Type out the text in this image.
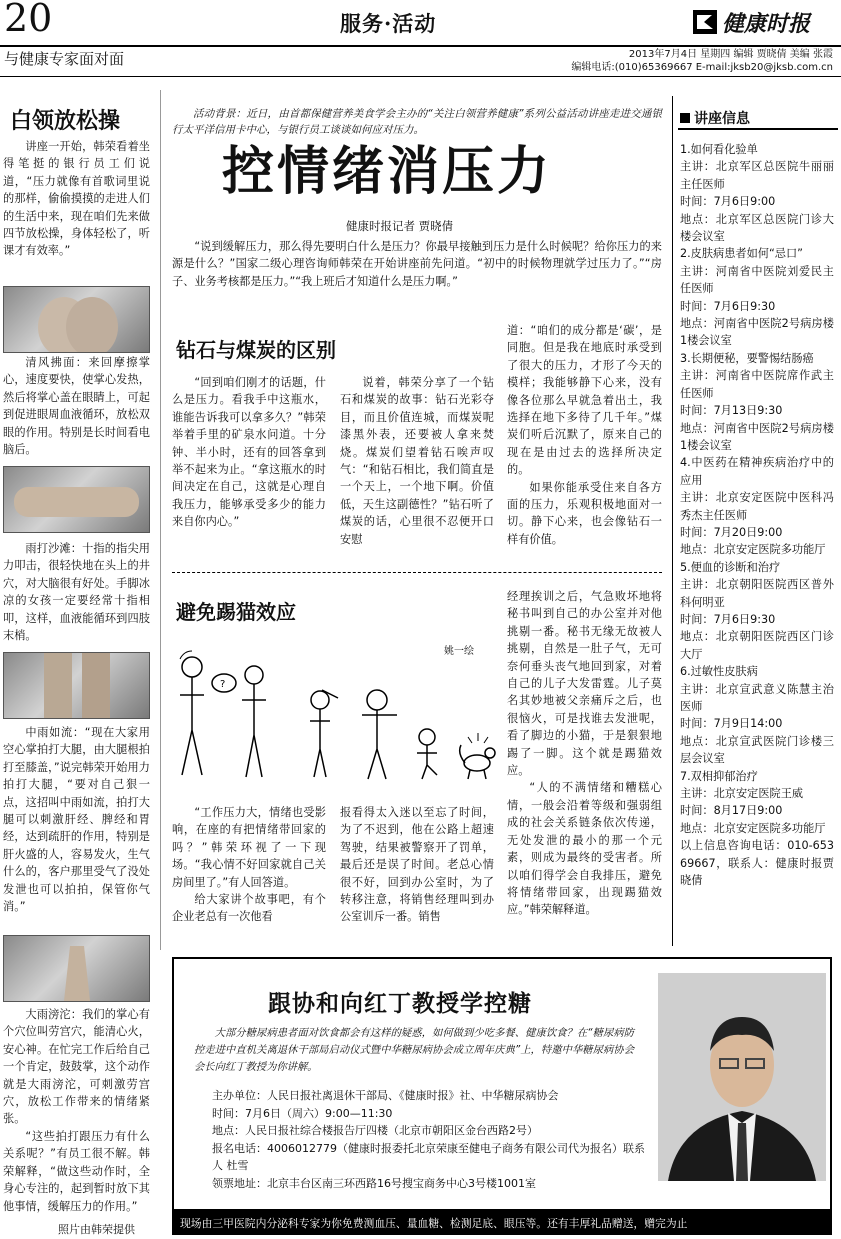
20	服务·活动	健康时报
与健康专家面对面	2013年7月4日 星期四 编辑 贾晓倩 美编 张霞
编辑电话:(010)65369667 E-mail:jksb20@jksb.com.cn
白领放松操

讲座一开始，韩荣看着坐得笔挺的银行员工们说道，“压力就像有首歌词里说的那样，偷偷摸摸的走进人们的生活中来，现在咱们先来做四节放松操，身体轻松了，听课才有效率。”

清风拂面：来回摩擦掌心，速度要快，使掌心发热，然后将掌心盖在眼睛上，可起到促进眼周血液循环，放松双眼的作用。特别是长时间看电脑后。

雨打沙滩：十指的指尖用力叩击，很轻快地在头上的井穴，对大脑很有好处。手脚冰凉的女孩一定要经常十指相叩，这样，血液能循环到四肢末梢。

中雨如流：“现在大家用空心掌拍打大腿，由大腿根拍打至膝盖，”说完韩荣开始用力拍打大腿，“要对自己狠一点，这招叫中雨如流，拍打大腿可以刺激肝经、脾经和胃经，达到疏肝的作用，特别是肝火盛的人，容易发火，生气什么的，客户那里受气了没处发泄也可以拍拍，保管你气消。”

大雨滂沱：我们的掌心有个穴位叫劳宫穴，能清心火，安心神。在忙完工作后给自己一个肯定，鼓鼓掌，这个动作就是大雨滂沱，可刺激劳宫穴，放松工作带来的情绪紧张。

“这些拍打跟压力有什么关系呢？”有员工很不解。韩荣解释，“做这些动作时，全身心专注的，起到暂时放下其他事情，缓解压力的作用。”

照片由韩荣提供

活动背景：近日，由首都保健营养美食学会主办的“关注白领营养健康”系列公益活动讲座走进交通银行太平洋信用卡中心，与银行员工谈谈如何应对压力。

控情绪消压力
健康时报记者 贾晓倩

“说到缓解压力，那么得先要明白什么是压力？你最早接触到压力是什么时候呢？给你压力的来源是什么？”国家二级心理咨询师韩荣在开始讲座前先问道。“初中的时候物理就学过压力了。”“房子、业务考核都是压力。”“我上班后才知道什么是压力啊。”

钻石与煤炭的区别

“回到咱们刚才的话题，什么是压力。看我手中这瓶水，谁能告诉我可以拿多久？”韩荣举着手里的矿泉水问道。十分钟、半小时，还有的回答拿到举不起来为止。“拿这瓶水的时间决定在自己，这就是心理自我压力，能够承受多少的能力来自你内心。”

说着，韩荣分享了一个钻石和煤炭的故事：钻石光彩夺目，而且价值连城，而煤炭呢漆黑外表，还要被人拿来焚烧。煤炭们望着钻石唉声叹气：“和钻石相比，我们简直是一个天上，一个地下啊。价值低，天生这副德性？”钻石听了煤炭的话，心里很不忍便开口安慰

道：“咱们的成分都是‘碳’，是同胞。但是我在地底时承受到了很大的压力，才形了今天的模样；我能够静下心来，没有像各位那么早就急着出土，我选择在地下多待了几千年。”煤炭们听后沉默了，原来自己的现在是由过去的选择所决定的。

如果你能承受住来自各方面的压力，乐观积极地面对一切。静下心来，也会像钻石一样有价值。

避免踢猫效应
姚一绘
?

“工作压力大，情绪也受影响，在座的有把情绪带回家的吗？”韩荣环视了一下现场。“我心情不好回家就自己关房间里了。”有人回答道。

给大家讲个故事吧，有个企业老总有一次他看

报看得太入迷以至忘了时间，为了不迟到，他在公路上超速驾驶，结果被警察开了罚单，最后还是误了时间。老总心情很不好，回到办公室时，为了转移注意，将销售经理叫到办公室训斥一番。销售

经理挨训之后，气急败坏地将秘书叫到自己的办公室并对他挑剔一番。秘书无缘无故被人挑剔，自然是一肚子气，无可奈何垂头丧气地回到家，对着自己的儿子大发雷霆。儿子莫名其妙地被父亲痛斥之后，也很恼火，可是找谁去发泄呢，看了脚边的小猫，于是狠狠地踢了一脚。这个就是踢猫效应。

“人的不满情绪和糟糕心情，一般会沿着等级和强弱组成的社会关系链条依次传递，无处发泄的最小的那一个元素，则成为最终的受害者。所以咱们得学会自我排压，避免将情绪带回家，出现踢猫效应。”韩荣解释道。

讲座信息
1.如何看化验单
主讲：北京军区总医院牛丽丽主任医师
时间：7月6日9:00
地点：北京军区总医院门诊大楼会议室
2.皮肤病患者如何“忌口”
主讲：河南省中医院刘爱民主任医师
时间：7月6日9:30
地点：河南省中医院2号病房楼1楼会议室
3.长期便秘，要警惕结肠癌
主讲：河南省中医院席作武主任医师
时间：7月13日9:30
地点：河南省中医院2号病房楼1楼会议室
4.中医药在精神疾病治疗中的应用
主讲：北京安定医院中医科冯秀杰主任医师
时间：7月20日9:00
地点：北京安定医院多功能厅
5.便血的诊断和治疗
主讲：北京朝阳医院西区普外科何明亚
时间：7月6日9:30
地点：北京朝阳医院西区门诊大厅
6.过敏性皮肤病
主讲：北京宣武意义陈慧主治医师
时间：7月9日14:00
地点：北京宣武医院门诊楼三层会议室
7.双相抑郁治疗
主讲：北京安定医院王威
时间：8月17日9:00
地点：北京安定医院多功能厅
以上信息咨询电话：010-65369667，联系人：健康时报贾晓倩
跟协和向红丁教授学控糖
大部分糖尿病患者面对饮食都会有这样的疑惑，如何做到少吃多餐、健康饮食？在“糖尿病防控走进中直机关离退休干部局启动仪式暨中华糖尿病协会成立周年庆典”上，特邀中华糖尿病协会会长向红丁教授为你讲解。
主办单位：人民日报社离退休干部局、《健康时报》社、中华糖尿病协会
时间：7月6日（周六）9:00—11:30
地点：人民日报社综合楼报告厅四楼（北京市朝阳区金台西路2号）
报名电话：4006012779（健康时报委托北京荣康至健电子商务有限公司代为报名）联系人 杜雪
领票地址：北京丰台区南三环西路16号搜宝商务中心3号楼1001室
现场由三甲医院内分泌科专家为你免费测血压、量血糖、检测足底、眼压等。还有丰厚礼品赠送，赠完为止
